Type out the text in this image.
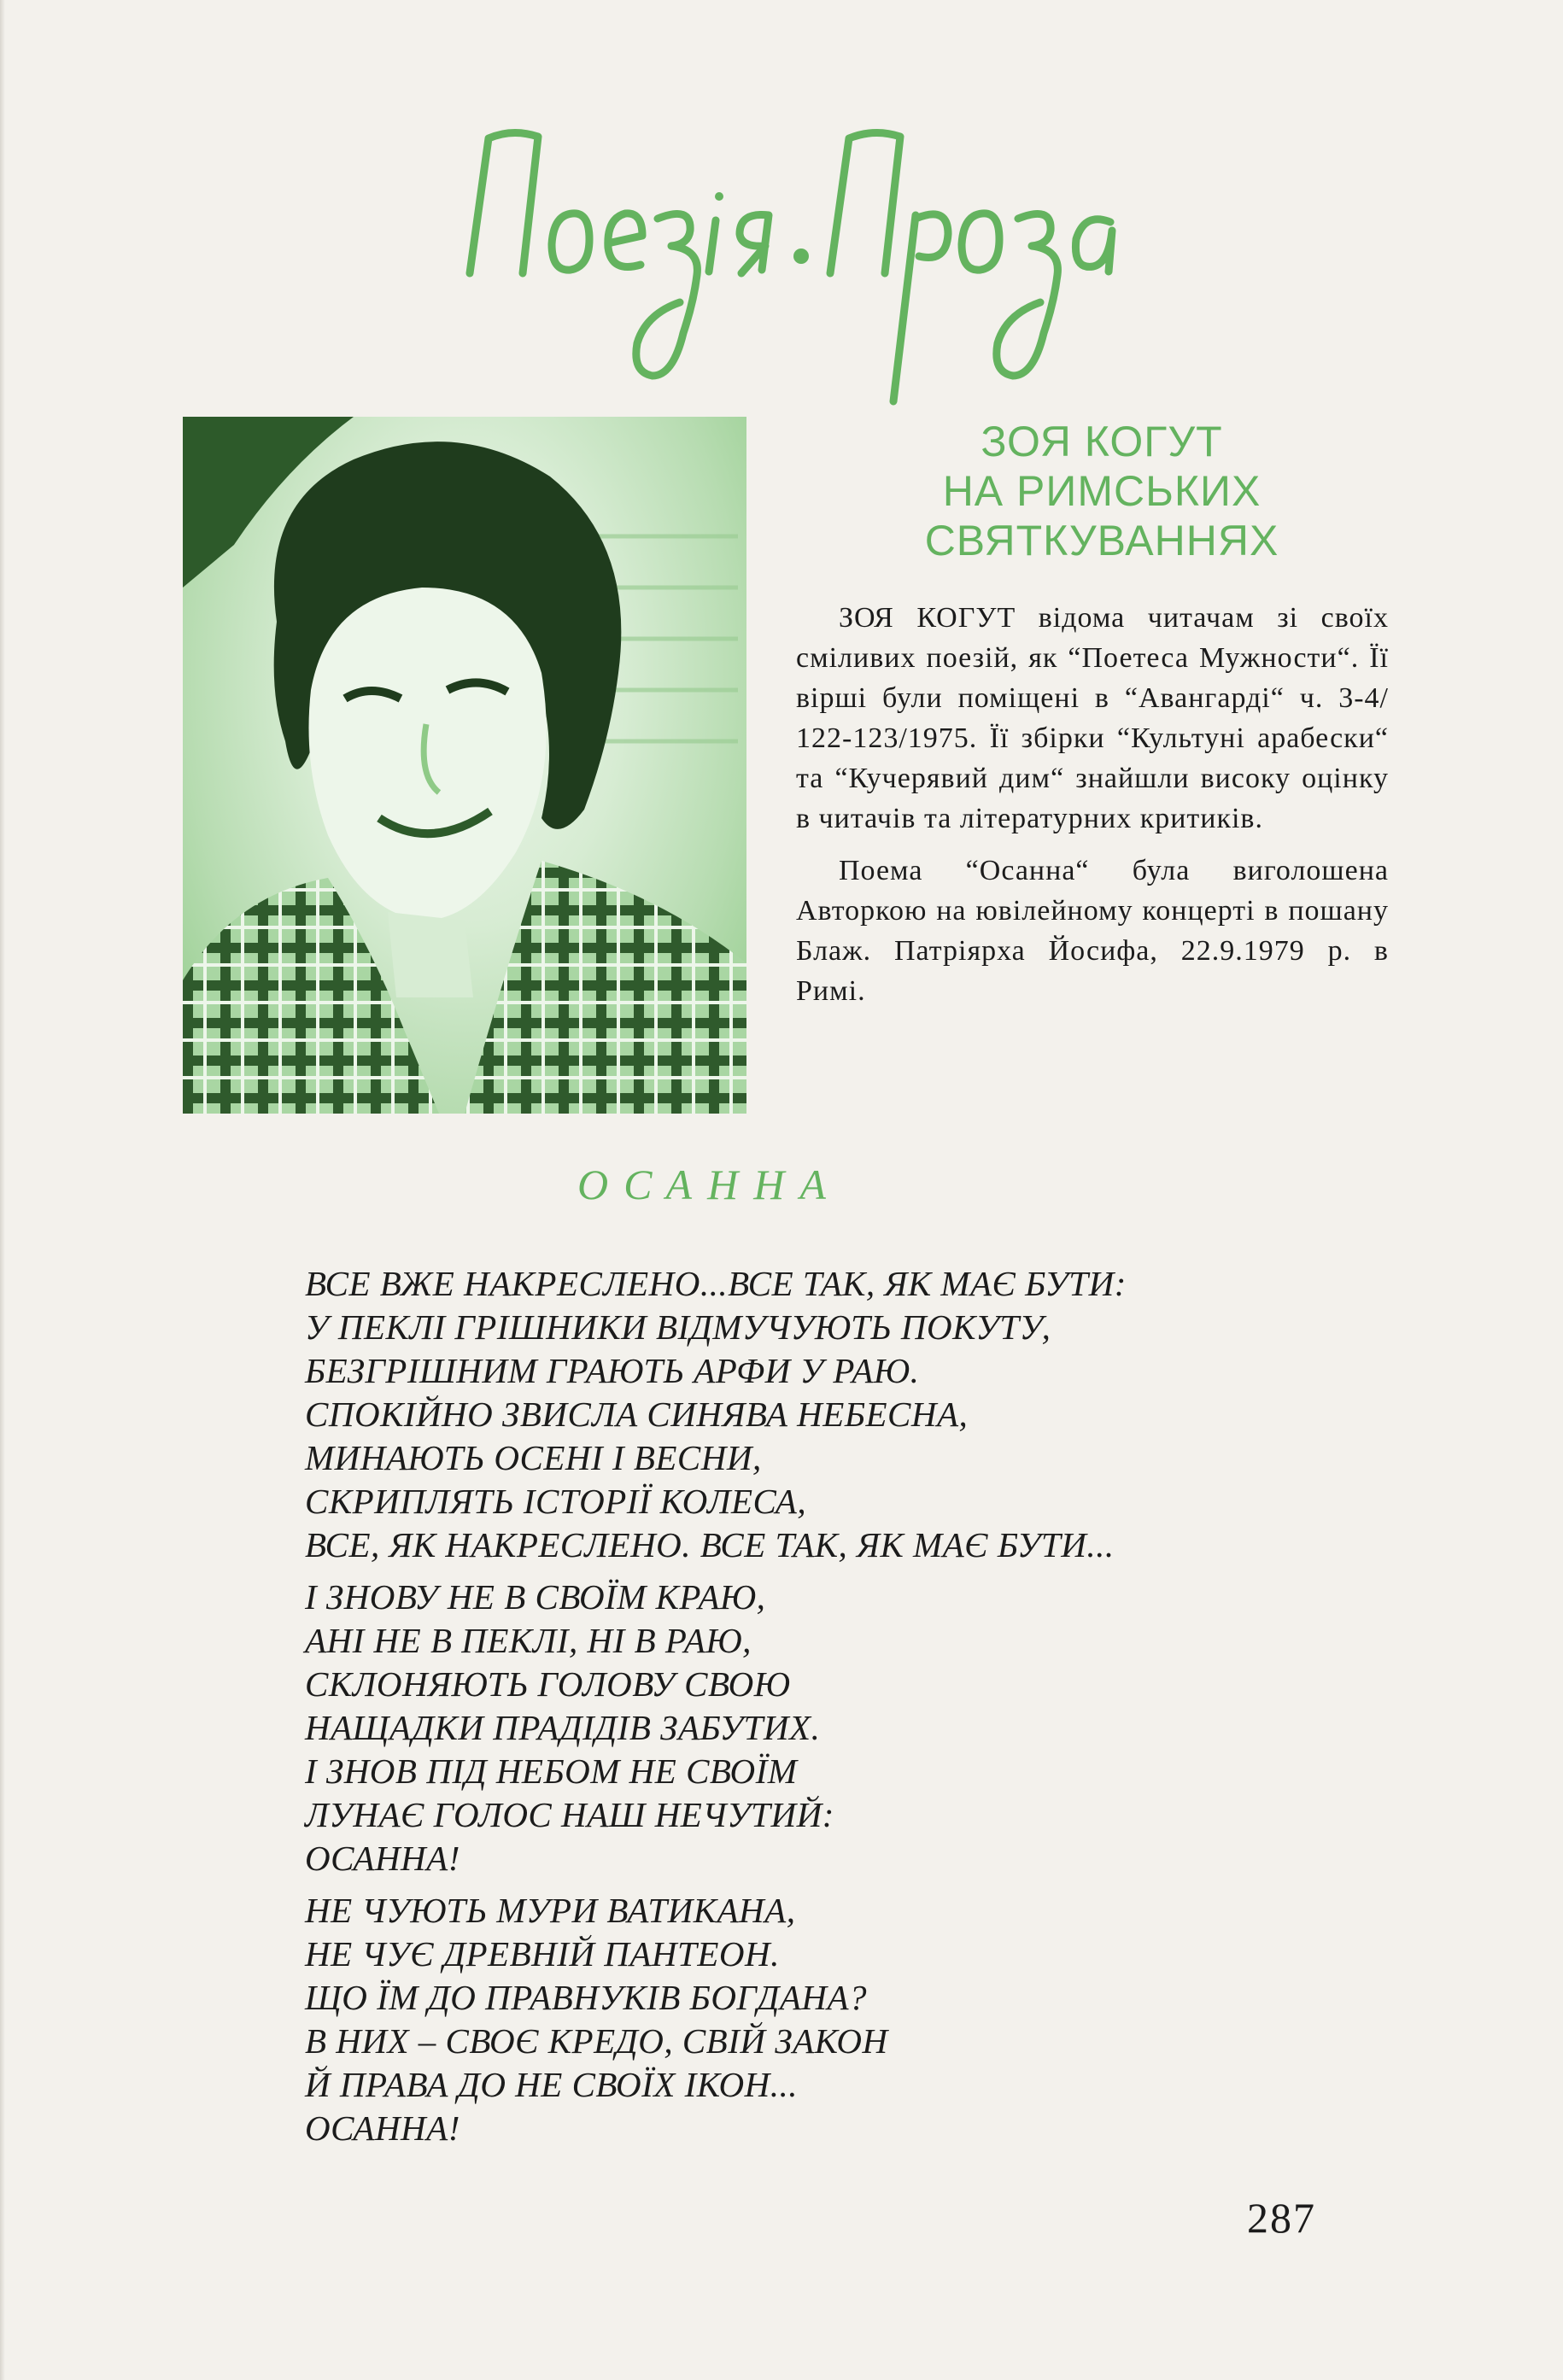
ЗОЯ КОГУТ
НА РИМСЬКИХ
СВЯТКУВАННЯХ

ЗОЯ КОГУТ відома читачам зі своїх сміливих поезій, як “Поетеса Мужности“. Її вірші були поміщені в “Авангарді“ ч. 3-4/ 122-123/1975. Її збірки “Культуні арабески“ та “Кучерявий дим“ знайшли високу оцінку в читачів та літературних критиків.

Поема “Осанна“ була виголошена Авторкою на ювілейному концерті в пошану Блаж. Патріярха Йосифа, 22.9.1979 р. в Римі.

ОСАННА
ВСЕ ВЖЕ НАКРЕСЛЕНО...ВСЕ ТАК, ЯК МАЄ БУТИ:
У ПЕКЛІ ГРІШНИКИ ВІДМУЧУЮТЬ ПОКУТУ,
БЕЗГРІШНИМ ГРАЮТЬ АРФИ У РАЮ.
СПОКІЙНО ЗВИСЛА СИНЯВА НЕБЕСНА,
МИНАЮТЬ ОСЕНІ І ВЕСНИ,
СКРИПЛЯТЬ ІСТОРІЇ КОЛЕСА,
ВСЕ, ЯК НАКРЕСЛЕНО. ВСЕ ТАК, ЯК МАЄ БУТИ...
І ЗНОВУ НЕ В СВОЇМ КРАЮ,
АНІ НЕ В ПЕКЛІ, НІ В РАЮ,
СКЛОНЯЮТЬ ГОЛОВУ СВОЮ
НАЩАДКИ ПРАДІДІВ ЗАБУТИХ.
І ЗНОВ ПІД НЕБОМ НЕ СВОЇМ
ЛУНАЄ ГОЛОС НАШ НЕЧУТИЙ:
ОСАННА!
НЕ ЧУЮТЬ МУРИ ВАТИКАНА,
НЕ ЧУЄ ДРЕВНІЙ ПАНТЕОН.
ЩО ЇМ ДО ПРАВНУКІВ БОГДАНА?
В НИХ – СВОЄ КРЕДО, СВІЙ ЗАКОН
Й ПРАВА ДО НЕ СВОЇХ ІКОН...
ОСАННА!
287
